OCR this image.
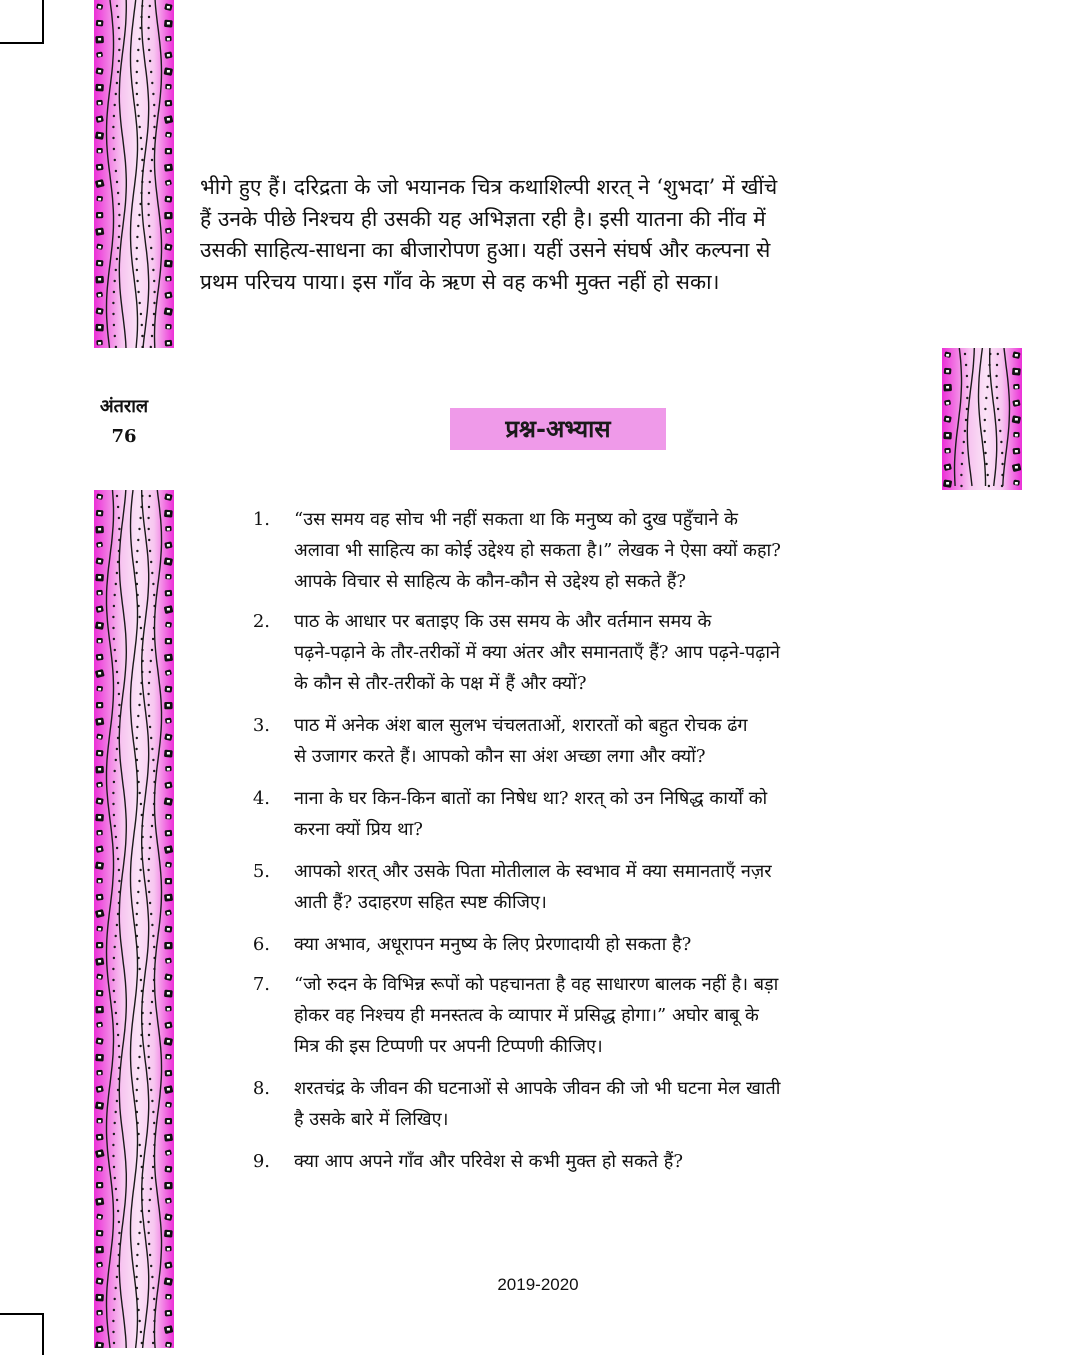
भीगे हुए हैं। दरिद्रता के जो भयानक चित्र कथाशिल्पी शरत् ने ‘शुभदा’ में खींचे
हैं उनके पीछे निश्चय ही उसकी यह अभिज्ञता रही है। इसी यातना की नींव में
उसकी साहित्य-साधना का बीजारोपण हुआ। यहीं उसने संघर्ष और कल्पना से
प्रथम परिचय पाया। इस गाँव के ऋण से वह कभी मुक्त नहीं हो सका।

अंतराल
76	प्रश्न-अभ्यास
1. “उस समय वह सोच भी नहीं सकता था कि मनुष्य को दुख पहुँचाने के
अलावा भी साहित्य का कोई उद्देश्य हो सकता है।” लेखक ने ऐसा क्यों कहा?
आपके विचार से साहित्य के कौन-कौन से उद्देश्य हो सकते हैं?
2. पाठ के आधार पर बताइए कि उस समय के और वर्तमान समय के
पढ़ने-पढ़ाने के तौर-तरीकों में क्या अंतर और समानताएँ हैं? आप पढ़ने-पढ़ाने
के कौन से तौर-तरीकों के पक्ष में हैं और क्यों?
3. पाठ में अनेक अंश बाल सुलभ चंचलताओं, शरारतों को बहुत रोचक ढंग
से उजागर करते हैं। आपको कौन सा अंश अच्छा लगा और क्यों?
4. नाना के घर किन-किन बातों का निषेध था? शरत् को उन निषिद्ध कार्यों को
करना क्यों प्रिय था?
5. आपको शरत् और उसके पिता मोतीलाल के स्वभाव में क्या समानताएँ नज़र
आती हैं? उदाहरण सहित स्पष्ट कीजिए।
6. क्या अभाव, अधूरापन मनुष्य के लिए प्रेरणादायी हो सकता है?
7. “जो रुदन के विभिन्न रूपों को पहचानता है वह साधारण बालक नहीं है। बड़ा
होकर वह निश्चय ही मनस्तत्व के व्यापार में प्रसिद्ध होगा।” अघोर बाबू के
मित्र की इस टिप्पणी पर अपनी टिप्पणी कीजिए।
8. शरतचंद्र के जीवन की घटनाओं से आपके जीवन की जो भी घटना मेल खाती
है उसके बारे में लिखिए।
9. क्या आप अपने गाँव और परिवेश से कभी मुक्त हो सकते हैं?
2019-2020
